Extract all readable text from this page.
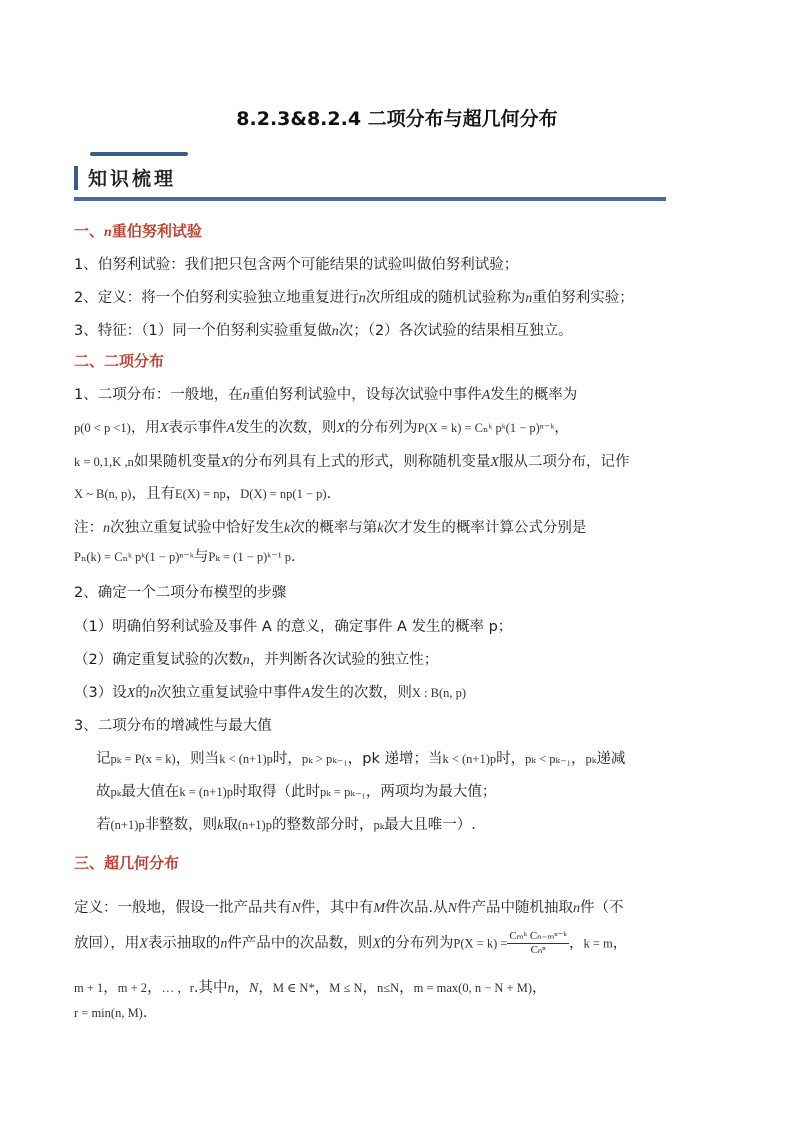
8.2.3&8.2.4 二项分布与超几何分布
知识梳理
一、n重伯努利试验
1、伯努利试验：我们把只包含两个可能结果的试验叫做伯努利试验；
2、定义：将一个伯努利实验独立地重复进行n次所组成的随机试验称为n重伯努利实验；
3、特征：（1）同一个伯努利实验重复做n次；（2）各次试验的结果相互独立。
二、二项分布
1、二项分布：一般地，在n重伯努利试验中，设每次试验中事件A发生的概率为
p(0 < p <1)，用X表示事件A发生的次数，则X的分布列为P(X = k) = Cₙᵏ pᵏ(1 − p)ⁿ⁻ᵏ，
k = 0,1,K ,n如果随机变量X的分布列具有上式的形式，则称随机变量X服从二项分布，记作
X ~ B(n, p)，且有E(X) = np，D(X) = np(1 − p).
注：n次独立重复试验中恰好发生k次的概率与第k次才发生的概率计算公式分别是
Pₙ(k) = Cₙᵏ pᵏ(1 − p)ⁿ⁻ᵏ与Pₖ = (1 − p)ᵏ⁻¹ p.
2、确定一个二项分布模型的步骤
（1）明确伯努利试验及事件 A 的意义，确定事件 A 发生的概率 p；
（2）确定重复试验的次数n，并判断各次试验的独立性；
（3）设X的n次独立重复试验中事件A发生的次数，则X : B(n, p)
3、二项分布的增减性与最大值
记pₖ = P(x = k)，则当k < (n+1)p时，pₖ > pₖ₋₁，pk 递增；当k < (n+1)p时，pₖ < pₖ₋₁，pₖ递减
故pₖ最大值在k = (n+1)p时取得（此时pₖ = pₖ₋₁，两项均为最大值；
若(n+1)p非整数，则k取(n+1)p的整数部分时，pₖ最大且唯一）.
三、超几何分布
定义：一般地，假设一批产品共有N件，其中有M件次品.从N件产品中随机抽取n件（不
放回），用X表示抽取的n件产品中的次品数，则X的分布列为$P(X = k) = \frac{\text{Cₘᵏ Cₙ₋ₘⁿ⁻ᵏ}}{\text{Cₙⁿ}}$ ，k = m，
m + 1，m + 2，… ，r.其中n，N，M ∈ N*，M ≤ N，n≤N，m = max(0, n − N + M)，
r = min(n, M).
